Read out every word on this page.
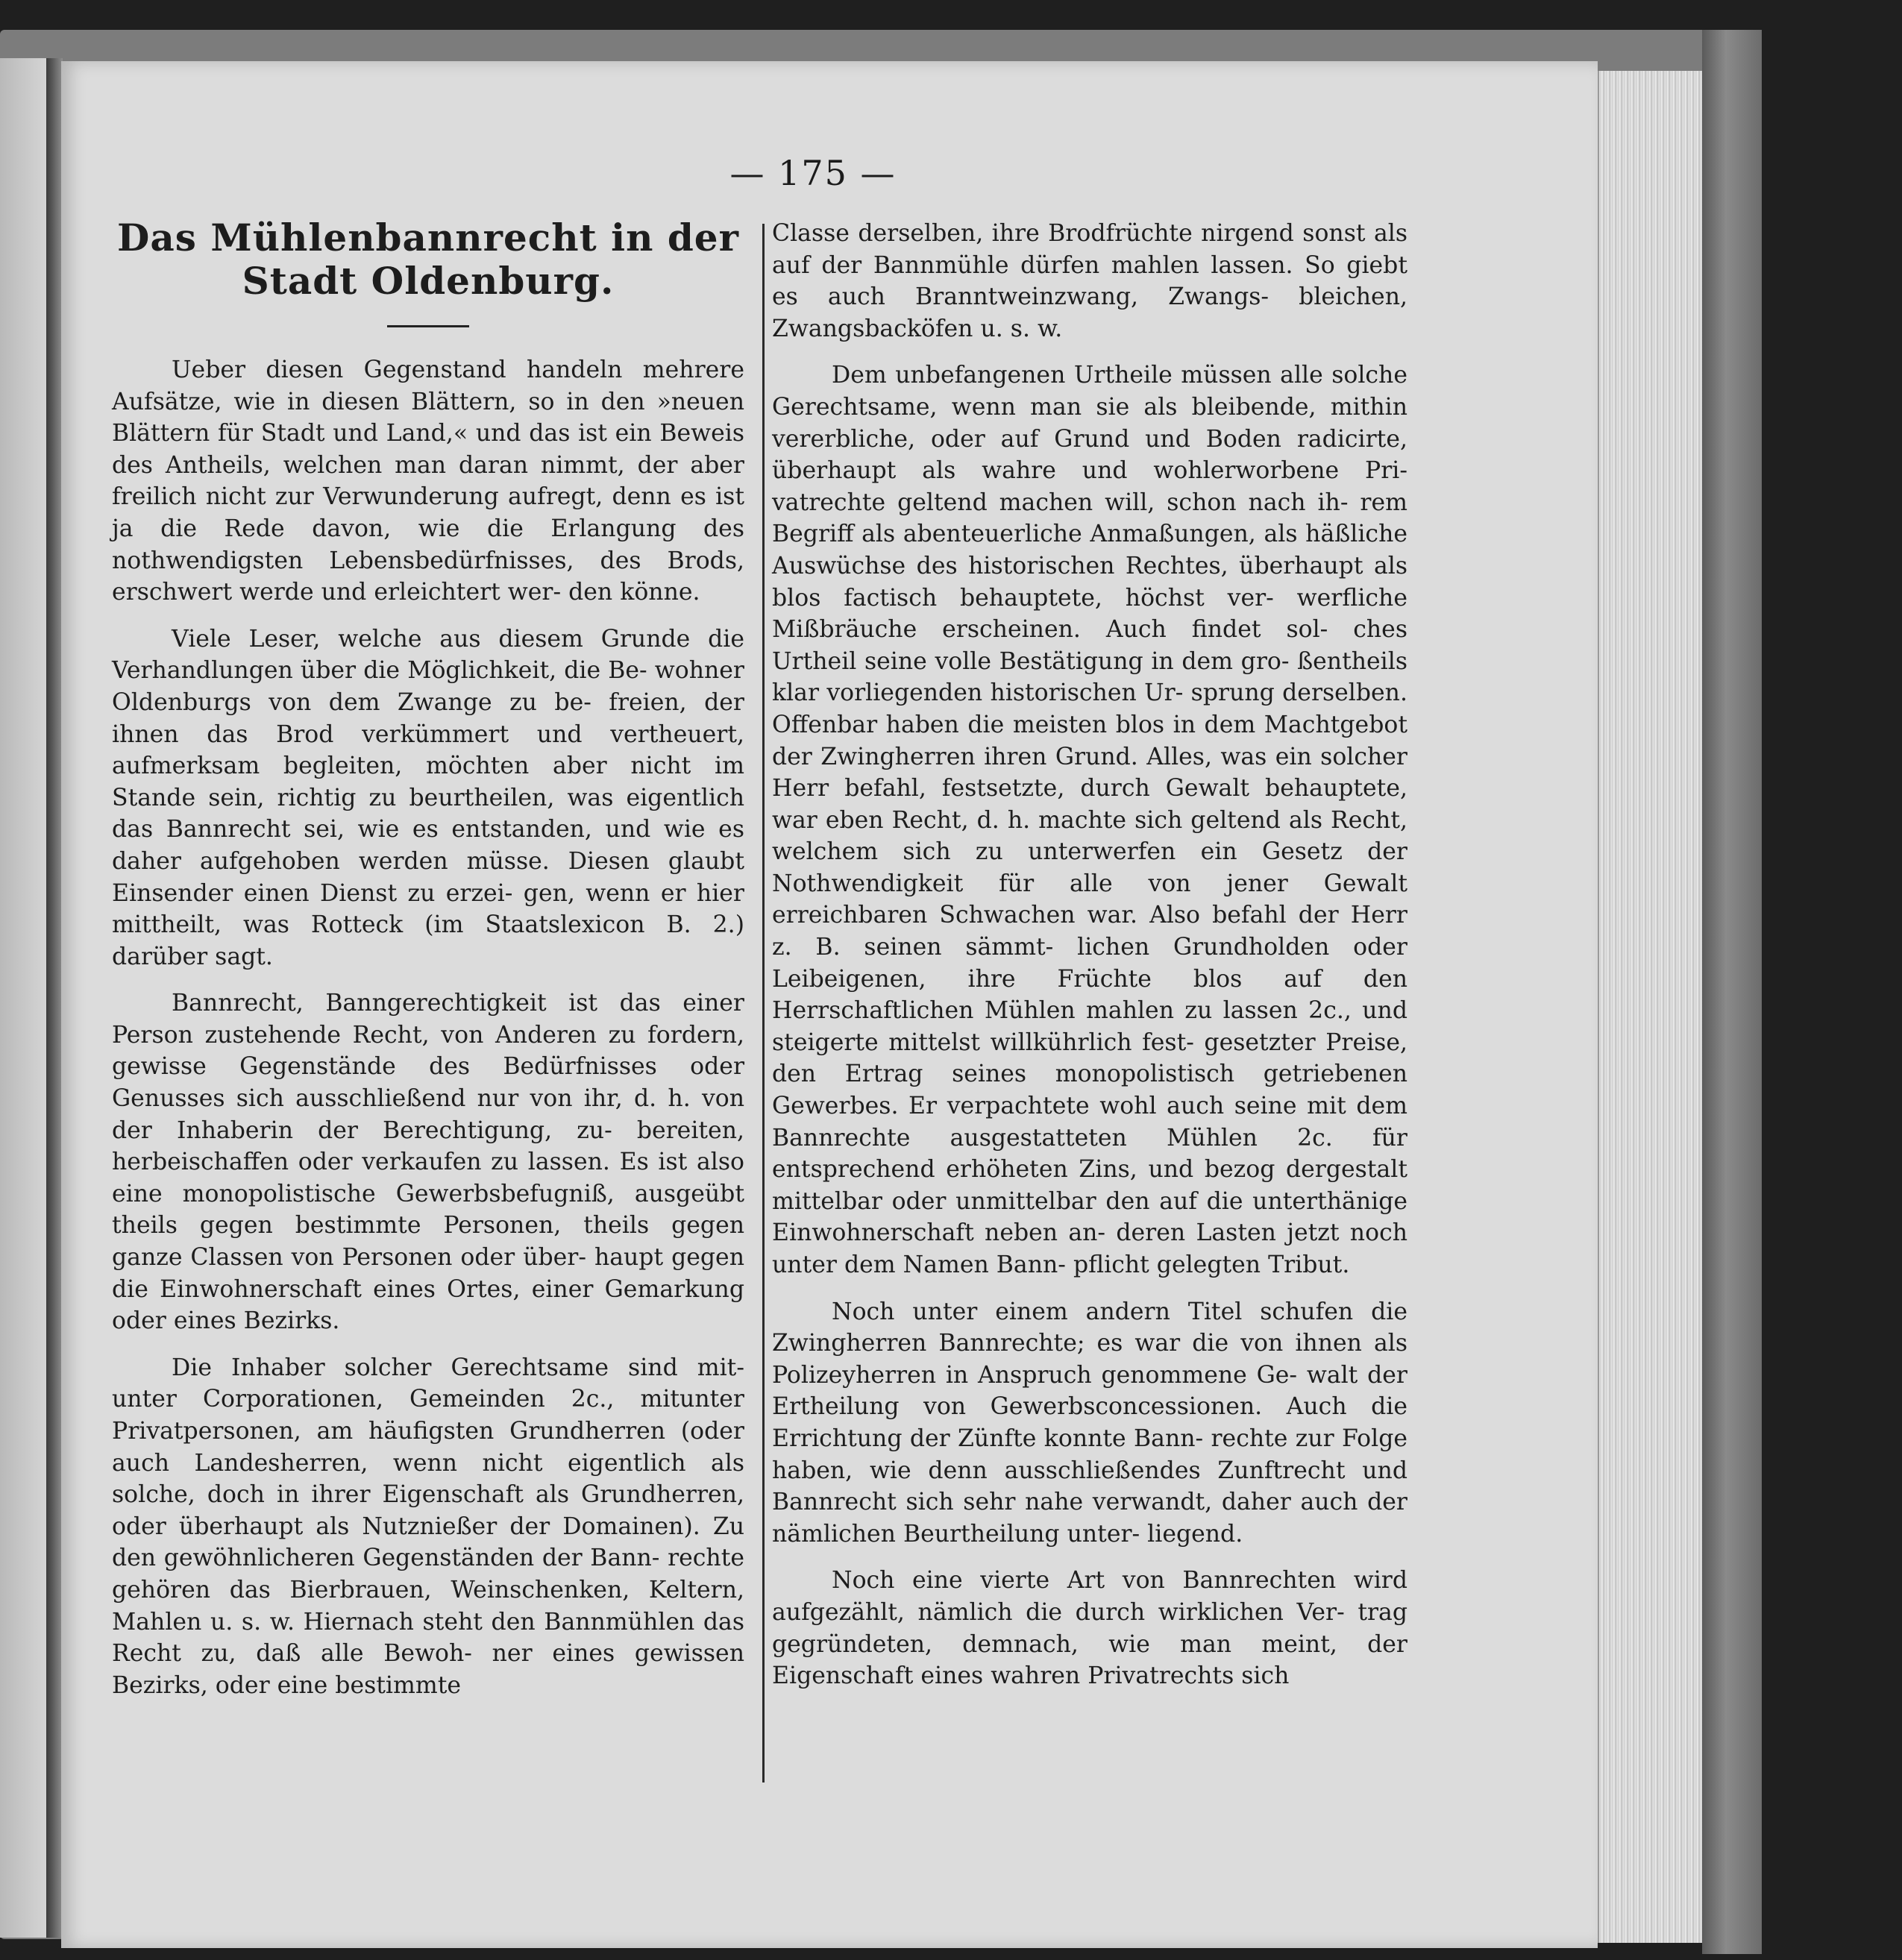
— 175 —
Das Mühlenbannrecht in der
Stadt Oldenburg.

Ueber diesen Gegenstand handeln mehrere Aufsätze, wie in diesen Blättern, so in den »neuen Blättern für Stadt und Land,« und das ist ein Beweis des Antheils, welchen man daran nimmt, der aber freilich nicht zur Verwunderung aufregt, denn es ist ja die Rede davon, wie die Erlangung des nothwendigsten Lebensbedürfnisses, des Brods, erschwert werde und erleichtert wer- den könne.

Viele Leser, welche aus diesem Grunde die Verhandlungen über die Möglichkeit, die Be- wohner Oldenburgs von dem Zwange zu be- freien, der ihnen das Brod verkümmert und vertheuert, aufmerksam begleiten, möchten aber nicht im Stande sein, richtig zu beurtheilen, was eigentlich das Bannrecht sei, wie es entstanden, und wie es daher aufgehoben werden müsse. Diesen glaubt Einsender einen Dienst zu erzei- gen, wenn er hier mittheilt, was Rotteck (im Staatslexicon B. 2.) darüber sagt.

Bannrecht, Banngerechtigkeit ist das einer Person zustehende Recht, von Anderen zu fordern, gewisse Gegenstände des Bedürfnisses oder Genusses sich ausschließend nur von ihr, d. h. von der Inhaberin der Berechtigung, zu- bereiten, herbeischaffen oder verkaufen zu lassen. Es ist also eine monopolistische Gewerbsbefugniß, ausgeübt theils gegen bestimmte Personen, theils gegen ganze Classen von Personen oder über- haupt gegen die Einwohnerschaft eines Ortes, einer Gemarkung oder eines Bezirks.

Die Inhaber solcher Gerechtsame sind mit- unter Corporationen, Gemeinden 2c., mitunter Privatpersonen, am häufigsten Grundherren (oder auch Landesherren, wenn nicht eigentlich als solche, doch in ihrer Eigenschaft als Grundherren, oder überhaupt als Nutznießer der Domainen). Zu den gewöhnlicheren Gegenständen der Bann- rechte gehören das Bierbrauen, Weinschenken, Keltern, Mahlen u. s. w. Hiernach steht den Bannmühlen das Recht zu, daß alle Bewoh- ner eines gewissen Bezirks, oder eine bestimmte

Classe derselben, ihre Brodfrüchte nirgend sonst als auf der Bannmühle dürfen mahlen lassen. So giebt es auch Branntweinzwang, Zwangs- bleichen, Zwangsbacköfen u. s. w.

Dem unbefangenen Urtheile müssen alle solche Gerechtsame, wenn man sie als bleibende, mithin vererbliche, oder auf Grund und Boden radicirte, überhaupt als wahre und wohlerworbene Pri- vatrechte geltend machen will, schon nach ih- rem Begriff als abenteuerliche Anmaßungen, als häßliche Auswüchse des historischen Rechtes, überhaupt als blos factisch behauptete, höchst ver- werfliche Mißbräuche erscheinen. Auch findet sol- ches Urtheil seine volle Bestätigung in dem gro- ßentheils klar vorliegenden historischen Ur- sprung derselben. Offenbar haben die meisten blos in dem Machtgebot der Zwingherren ihren Grund. Alles, was ein solcher Herr befahl, festsetzte, durch Gewalt behauptete, war eben Recht, d. h. machte sich geltend als Recht, welchem sich zu unterwerfen ein Gesetz der Nothwendigkeit für alle von jener Gewalt erreichbaren Schwachen war. Also befahl der Herr z. B. seinen sämmt- lichen Grundholden oder Leibeigenen, ihre Früchte blos auf den Herrschaftlichen Mühlen mahlen zu lassen 2c., und steigerte mittelst willkührlich fest- gesetzter Preise, den Ertrag seines monopolistisch getriebenen Gewerbes. Er verpachtete wohl auch seine mit dem Bannrechte ausgestatteten Mühlen 2c. für entsprechend erhöheten Zins, und bezog dergestalt mittelbar oder unmittelbar den auf die unterthänige Einwohnerschaft neben an- deren Lasten jetzt noch unter dem Namen Bann- pflicht gelegten Tribut.

Noch unter einem andern Titel schufen die Zwingherren Bannrechte; es war die von ihnen als Polizeyherren in Anspruch genommene Ge- walt der Ertheilung von Gewerbsconcessionen. Auch die Errichtung der Zünfte konnte Bann- rechte zur Folge haben, wie denn ausschließendes Zunftrecht und Bannrecht sich sehr nahe verwandt, daher auch der nämlichen Beurtheilung unter- liegend.

Noch eine vierte Art von Bannrechten wird aufgezählt, nämlich die durch wirklichen Ver- trag gegründeten, demnach, wie man meint, der Eigenschaft eines wahren Privatrechts sich
